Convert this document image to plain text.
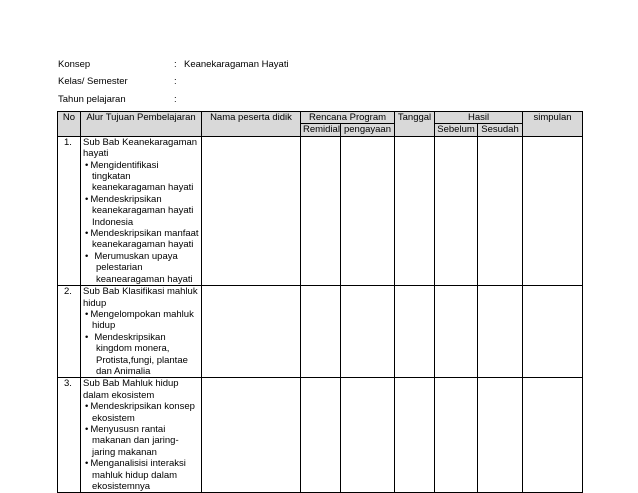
Konsep	: Keanekaragaman Hayati
Kelas/ Semester	:
Tahun pelajaran	:
No	Alur Tujuan Pembelajaran	Nama peserta didik	Rencana Program		Tanggal	Hasil		simpulan
			Remidial	pengayaan		Sebelum	Sesudah	
1.	Sub Bab Keanekaragaman hayati
• Mengidentifikasi tingkatan keanekaragaman hayati
• Mendeskripsikan keanekaragaman hayati Indonesia
• Mendeskripsikan manfaat keanekaragaman hayati
• Merumuskan upaya pelestarian keanearagaman hayati

2.	Sub Bab Klasifikasi mahluk hidup
• Mengelompokan mahluk hidup
• Mendeskripsikan kingdom monera, Protista,fungi, plantae dan Animalia

3.	Sub Bab Mahluk hidup dalam ekosistem
• Mendeskripsikan konsep ekosistem
• Menyususn rantai makanan dan jaring-jaring makanan
• Menganalisisi interaksi mahluk hidup dalam ekosistemnya
